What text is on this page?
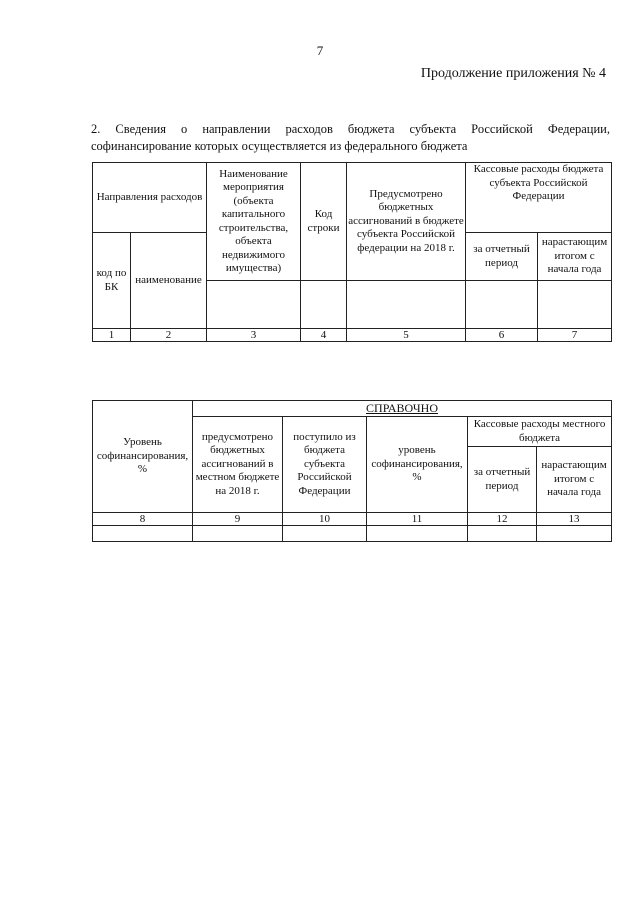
7
Продолжение приложения № 4
2. Сведения о направлении расходов бюджета субъекта Российской Федерации,
софинансирование которых осуществляется из федерального бюджета
Направления расходов		Наименование мероприятия (объекта капитального строительства, объекта недвижимого имущества)	Код строки	Предусмотрено бюджетных ассигнований в бюджете субъекта Российской федерации на 2018 г.	Кассовые расходы бюджета субъекта Российской Федерации	
код по БК	наименование				за отчетный период	нарастающим итогом с начала года

1	2	3	4	5	6	7
Уровень софинансирования, %	СПРАВОЧНО				
	предусмотрено бюджетных ассигнований в местном бюджете на 2018 г.	поступило из бюджета субъекта Российской Федерации	уровень софинансирования, %	Кассовые расходы местного бюджета	
				за отчетный период	нарастающим итогом с начала года
8	9	10	11	12	13
